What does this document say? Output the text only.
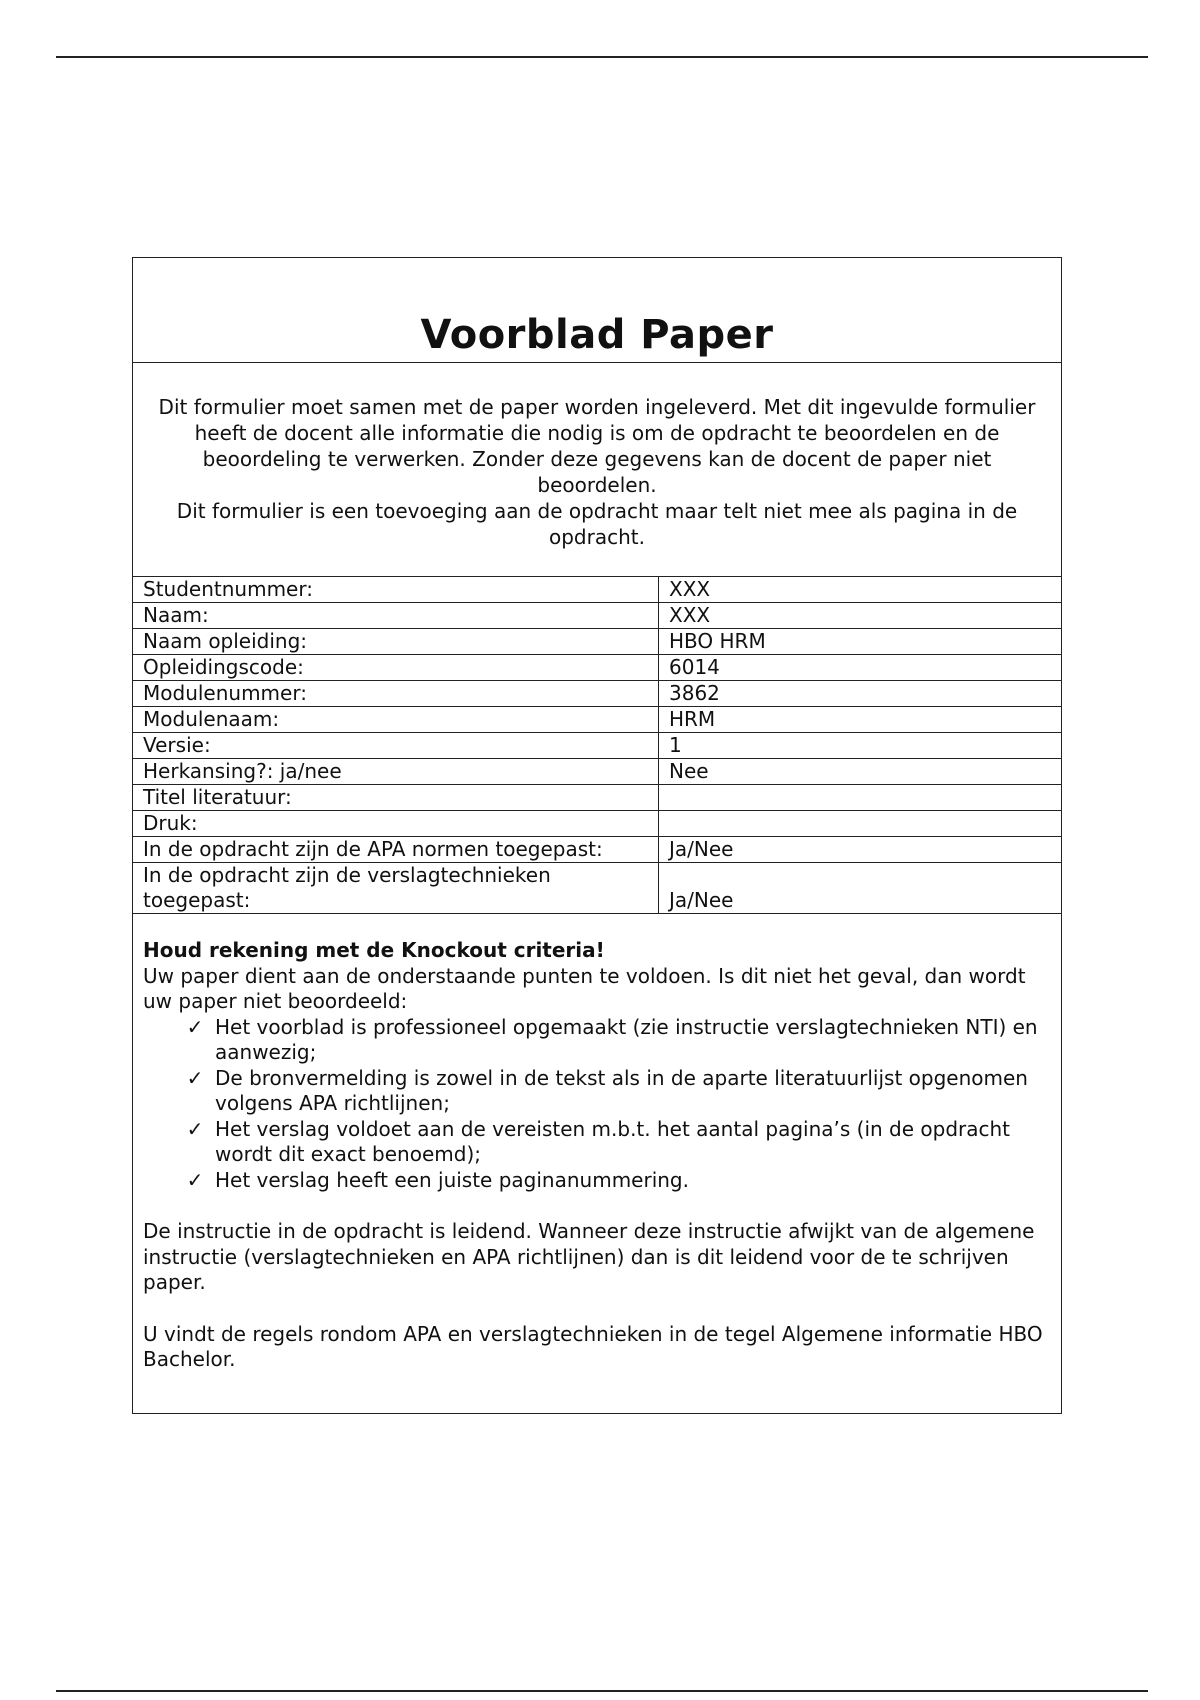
Voorblad Paper

Dit formulier moet samen met de paper worden ingeleverd. Met dit ingevulde formulier heeft de docent alle informatie die nodig is om de opdracht te beoordelen en de beoordeling te verwerken. Zonder deze gegevens kan de docent de paper niet beoordelen.

Dit formulier is een toevoeging aan de opdracht maar telt niet mee als pagina in de opdracht.

Studentnummer:	XXX
Naam:	XXX
Naam opleiding:	HBO HRM
Opleidingscode:	6014
Modulenummer:	3862
Modulenaam:	HRM
Versie:	1
Herkansing?: ja/nee	Nee
Titel literatuur:	
Druk:	
In de opdracht zijn de APA normen toegepast:	Ja/Nee
In de opdracht zijn de verslagtechnieken toegepast:	Ja/Nee

Houd rekening met de Knockout criteria!

Uw paper dient aan de onderstaande punten te voldoen. Is dit niet het geval, dan wordt uw paper niet beoordeeld:

✓ Het voorblad is professioneel opgemaakt (zie instructie verslagtechnieken NTI) en aanwezig;
✓ De bronvermelding is zowel in de tekst als in de aparte literatuurlijst opgenomen volgens APA richtlijnen;
✓ Het verslag voldoet aan de vereisten m.b.t. het aantal pagina’s (in de opdracht wordt dit exact benoemd);
✓ Het verslag heeft een juiste paginanummering.

De instructie in de opdracht is leidend. Wanneer deze instructie afwijkt van de algemene instructie (verslagtechnieken en APA richtlijnen) dan is dit leidend voor de te schrijven paper.

U vindt de regels rondom APA en verslagtechnieken in de tegel Algemene informatie HBO Bachelor.
